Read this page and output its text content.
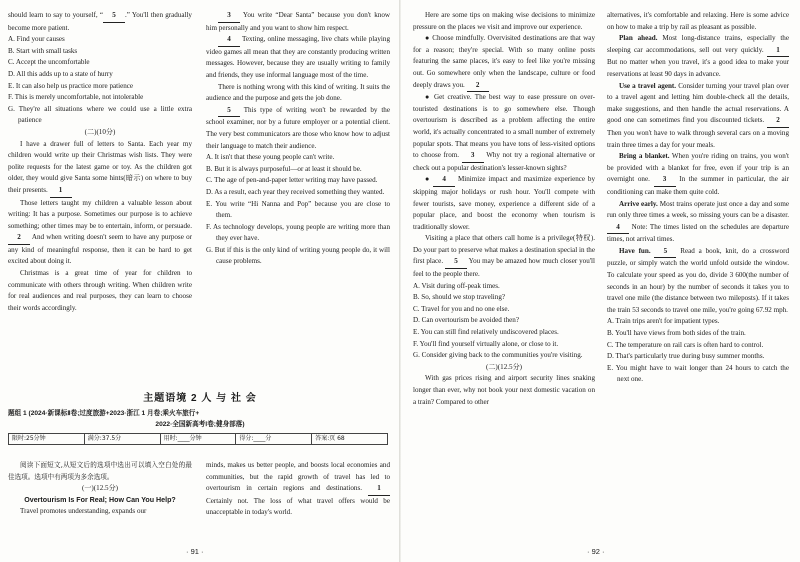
should learn to say to yourself, “ 5 .” You'll then gradually become more patient.

A. Find your causes

B. Start with small tasks

C. Accept the uncomfortable

D. All this adds up to a state of hurry

E. It can also help us practice more patience

F. This is merely uncomfortable, not intolerable

G. They're all situations where we could use a little extra patience

(二)(10分)

I have a drawer full of letters to Santa. Each year my children would write up their Christmas wish lists. They were polite requests for the latest game or toy. As the children got older, they would give Santa some hints(暗示) on where to buy their presents. 1

Those letters taught my children a valuable lesson about writing: It has a purpose. Sometimes our purpose is to achieve something; other times may be to entertain, inform, or persuade. 2 And when writing doesn't seem to have any purpose or any kind of meaningful response, then it can be hard to get excited about doing it.

Christmas is a great time of year for children to communicate with others through writing. When children write for real audiences and real purposes, they can learn to choose their words accordingly.

3 You write “Dear Santa” because you don't know him personally and you want to show him respect.

4 Texting, online messaging, live chats while playing video games all mean that they are constantly producing written messages. However, because they are usually writing to family and friends, they use informal language most of the time.

There is nothing wrong with this kind of writing. It suits the audience and the purpose and gets the job done.

5 This type of writing won't be rewarded by the school examiner, nor by a future employer or a potential client. The very best communicators are those who know how to adjust their language to match their audience.

A. It isn't that these young people can't write.

B. But it is always purposeful—or at least it should be.

C. The age of pen-and-paper letter writing may have passed.

D. As a result, each year they received something they wanted.

E. You write “Hi Nanna and Pop” because you are close to them.

F. As technology develops, young people are writing more than they ever have.

G. But if this is the only kind of writing young people do, it will cause problems.

主题语境 2 人 与 社 会
题组 1 (2024·新课标Ⅱ卷;过度旅游+2023·浙江 1 月卷;乘火车旅行+
2022·全国新高考Ⅰ卷;健身部落)
限时:25分钟	满分:37.5分	用时:____分钟	得分:____分	答案:页 68

阅读下面短文,从短文后的选项中选出可以填入空白处的最佳选项。选项中有两项为多余选项。

(一)(12.5分)

Overtourism Is For Real; How Can You Help?

Travel promotes understanding, expands our

minds, makes us better people, and boosts local economies and communities, but the rapid growth of travel has led to overtourism in certain regions and destinations. 1 Certainly not. The loss of what travel offers would be unacceptable in today's world.

· 91 ·

Here are some tips on making wise decisions to minimize pressure on the places we visit and improve our experience.

● Choose mindfully. Overvisited destinations are that way for a reason; they're special. With so many online posts featuring the same places, it's easy to feel like you're missing out. Go somewhere only when the landscape, culture or food deeply draws you. 2

● Get creative. The best way to ease pressure on over-touristed destinations is to go somewhere else. Though overtourism is described as a problem affecting the entire world, it's actually concentrated to a small number of extremely popular spots. That means you have tons of less-visited options to choose from. 3 Why not try a regional alternative or check out a popular destination's lesser-known sights?

● 4 Minimize impact and maximize experience by skipping major holidays or rush hour. You'll compete with fewer tourists, save money, experience a different side of a popular place, and boost the economy when tourism is traditionally slower.

Visiting a place that others call home is a privilege(特权). Do your part to preserve what makes a destination special in the first place. 5 You may be amazed how much closer you'll feel to the people there.

A. Visit during off-peak times.

B. So, should we stop traveling?

C. Travel for you and no one else.

D. Can overtourism be avoided then?

E. You can still find relatively undiscovered places.

F. You'll find yourself virtually alone, or close to it.

G. Consider giving back to the communities you're visiting.

(二)(12.5分)

With gas prices rising and airport security lines snaking longer than ever, why not book your next domestic vacation on a train? Compared to other

alternatives, it's comfortable and relaxing. Here is some advice on how to make a trip by rail as pleasant as possible.

Plan ahead. Most long-distance trains, especially the sleeping car accommodations, sell out very quickly. 1 But no matter when you travel, it's a good idea to make your reservations at least 90 days in advance.

Use a travel agent. Consider turning your travel plan over to a travel agent and letting him double-check all the details, make suggestions, and then handle the actual reservations. A good one can sometimes find you discounted tickets. 2 Then you won't have to walk through several cars on a moving train three times a day for your meals.

Bring a blanket. When you're riding on trains, you won't be provided with a blanket for free, even if your trip is an overnight one. 3 In the summer in particular, the air conditioning can make them quite cold.

Arrive early. Most trains operate just once a day and some run only three times a week, so missing yours can be a disaster. 4 Note: The times listed on the schedules are departure times, not arrival times.

Have fun. 5 Read a book, knit, do a crossword puzzle, or simply watch the world unfold outside the window. To calculate your speed as you do, divide 3 600(the number of seconds in an hour) by the number of seconds it takes you to travel one mile (the distance between two mileposts). If it takes the train 53 seconds to travel one mile, you're going 67.92 mph.

A. Train trips aren't for impatient types.

B. You'll have views from both sides of the train.

C. The temperature on rail cars is often hard to control.

D. That's particularly true during busy summer months.

E. You might have to wait longer than 24 hours to catch the next one.

· 92 ·
